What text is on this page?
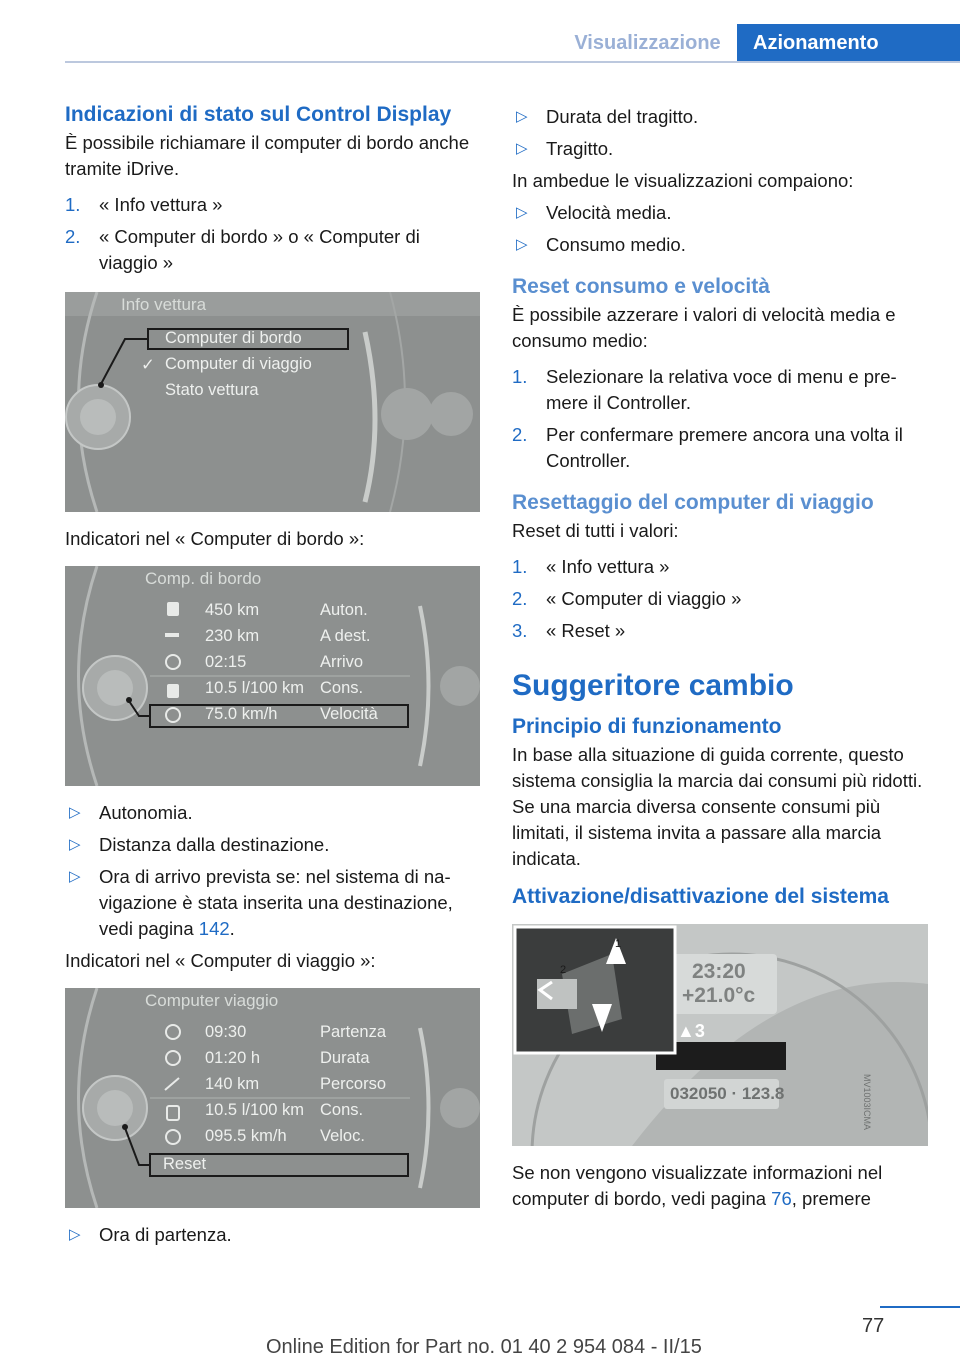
Visualizzazione	Azionamento
Indicazioni di stato sul Control Display

È possibile richiamare il computer di bordo anche tramite iDrive.

1. « Info vettura »
2. « Computer di bordo » o « Computer di viaggio »
Info vettura
Computer di bordo
✓ Computer di viaggio
Stato vettura

Indicatori nel « Computer di bordo »:

Comp. di bordo
450 km	Auton.
230 km	A dest.
02:15	Arrivo
10.5 l/100 km Cons.
75.0 km/h	Velocità
▷ Autonomia.
▷ Distanza dalla destinazione.
▷ Ora di arrivo prevista se: nel sistema di navigazione è stata inserita una destinazione, vedi pagina 142.

Indicatori nel « Computer di viaggio »:

Computer viaggio
09:30	Partenza
01:20 h	Durata
140 km	Percorso
10.5 l/100 km Cons.
095.5 km/h Veloc.
Reset
▷ Ora di partenza.
▷ Durata del tragitto.
▷ Tragitto.

In ambedue le visualizzazioni compaiono:

▷ Velocità media.
▷ Consumo medio.
Reset consumo e velocità

È possibile azzerare i valori di velocità media e consumo medio:

1. Selezionare la relativa voce di menu e premere il Controller.
2. Per confermare premere ancora una volta il Controller.
Resettaggio del computer di viaggio

Reset di tutti i valori:

1. « Info vettura »
2. « Computer di viaggio »
3. « Reset »
Suggeritore cambio
Principio di funzionamento

In base alla situazione di guida corrente, questo sistema consiglia la marcia dai consumi più ridotti. Se una marcia diversa consente consumi più limitati, il sistema invita a passare alla marcia indicata.

Attivazione/disattivazione del sistema
1
2	23:20
+21.0°c
▲3
032050 · 123.8	MV1003ICMA

Se non vengono visualizzate informazioni nel computer di bordo, vedi pagina 76, premere

77
Online Edition for Part no. 01 40 2 954 084 - II/15
